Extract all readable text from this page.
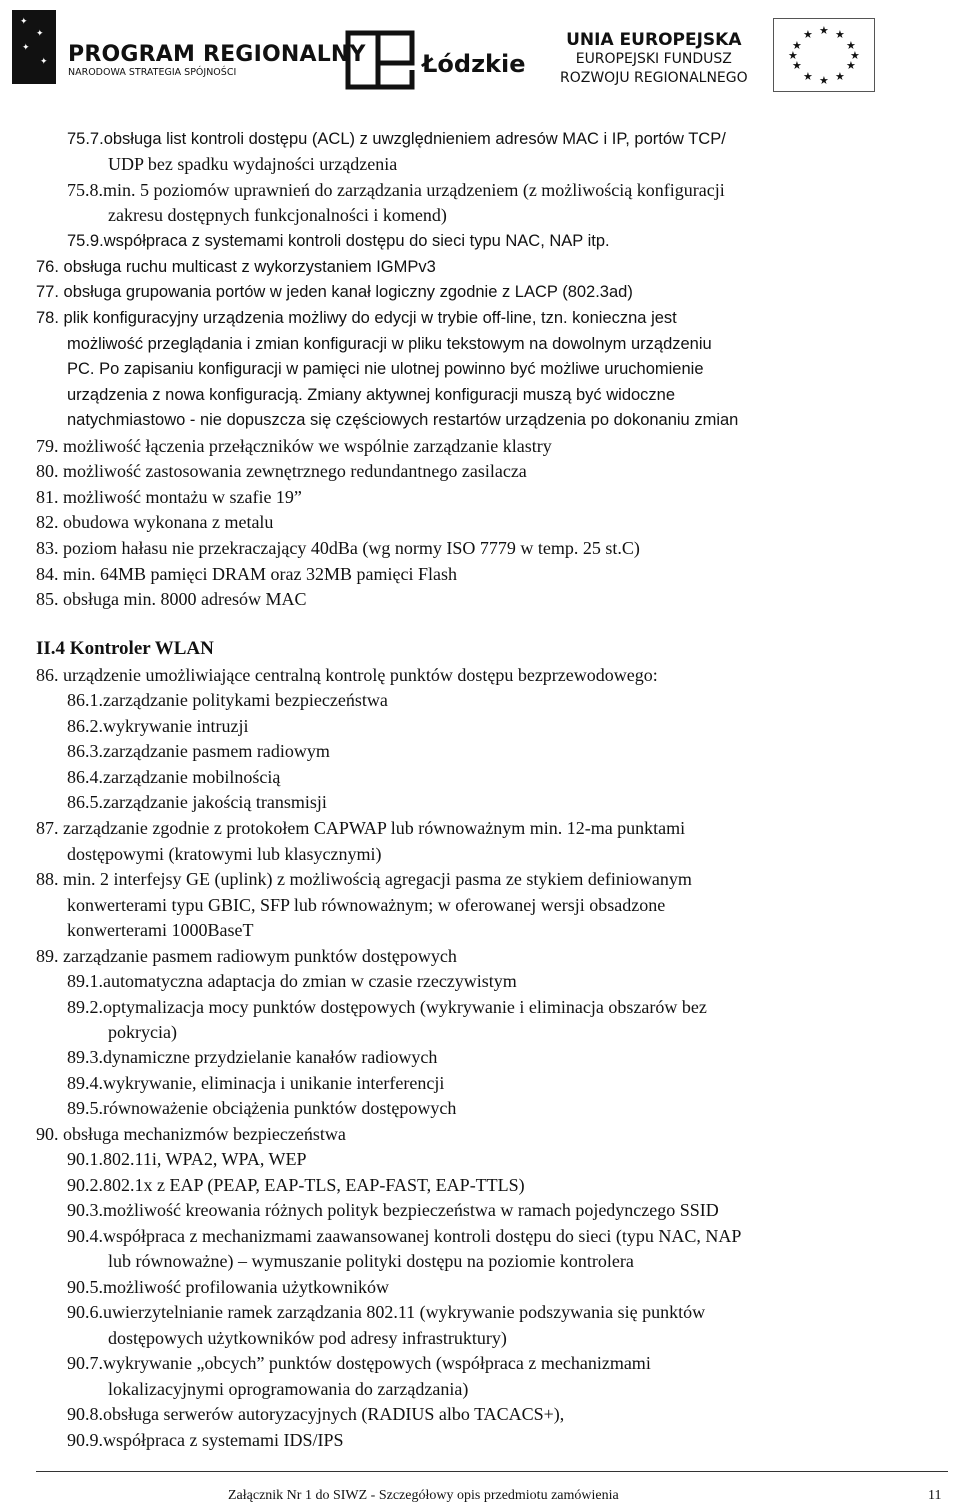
✦
✦
✦
✦ PROGRAM REGIONALNY
NARODOWA STRATEGIA SPÓJNOŚCI	Łódzkie
UNIA EUROPEJSKA
EUROPEJSKI FUNDUSZ
ROZWOJU REGIONALNEGO
★ ★
★
★
★
★
★
★
★
★
★
★
75.7.obsługa list kontroli dostępu (ACL) z uwzględnieniem adresów MAC i IP, portów TCP/
UDP bez spadku wydajności urządzenia
75.8.min. 5 poziomów uprawnień do zarządzania urządzeniem (z możliwością konfiguracji
zakresu dostępnych funkcjonalności i komend)
75.9.współpraca z systemami kontroli dostępu do sieci typu NAC, NAP itp.
76. obsługa ruchu multicast z wykorzystaniem IGMPv3
77. obsługa grupowania portów w jeden kanał logiczny zgodnie z LACP (802.3ad)
78. plik konfiguracyjny urządzenia możliwy do edycji w trybie off-line, tzn. konieczna jest
możliwość przeglądania i zmian konfiguracji w pliku tekstowym na dowolnym urządzeniu
PC. Po zapisaniu konfiguracji w pamięci nie ulotnej powinno być możliwe uruchomienie
urządzenia z nowa konfiguracją. Zmiany aktywnej konfiguracji muszą być widoczne
natychmiastowo - nie dopuszcza się częściowych restartów urządzenia po dokonaniu zmian
79. możliwość łączenia przełączników we wspólnie zarządzanie klastry
80. możliwość zastosowania zewnętrznego redundantnego zasilacza
81. możliwość montażu w szafie 19”
82. obudowa wykonana z metalu
83. poziom hałasu nie przekraczający 40dBa (wg normy ISO 7779 w temp. 25 st.C)
84. min. 64MB pamięci DRAM oraz 32MB pamięci Flash
85. obsługa min. 8000 adresów MAC
II.4 Kontroler WLAN
86. urządzenie umożliwiające centralną kontrolę punktów dostępu bezprzewodowego:
86.1.zarządzanie politykami bezpieczeństwa
86.2.wykrywanie intruzji
86.3.zarządzanie pasmem radiowym
86.4.zarządzanie mobilnością
86.5.zarządzanie jakością transmisji
87. zarządzanie zgodnie z protokołem CAPWAP lub równoważnym min. 12-ma punktami
dostępowymi (kratowymi lub klasycznymi)
88. min. 2 interfejsy GE (uplink) z możliwością agregacji pasma ze stykiem definiowanym
konwerterami typu GBIC, SFP lub równoważnym; w oferowanej wersji obsadzone
konwerterami 1000BaseT
89. zarządzanie pasmem radiowym punktów dostępowych
89.1.automatyczna adaptacja do zmian w czasie rzeczywistym
89.2.optymalizacja mocy punktów dostępowych (wykrywanie i eliminacja obszarów bez
pokrycia)
89.3.dynamiczne przydzielanie kanałów radiowych
89.4.wykrywanie, eliminacja i unikanie interferencji
89.5.równoważenie obciążenia punktów dostępowych
90. obsługa mechanizmów bezpieczeństwa
90.1.802.11i, WPA2, WPA, WEP
90.2.802.1x z EAP (PEAP, EAP-TLS, EAP-FAST, EAP-TTLS)
90.3.możliwość kreowania różnych polityk bezpieczeństwa w ramach pojedynczego SSID
90.4.współpraca z mechanizmami zaawansowanej kontroli dostępu do sieci (typu NAC, NAP
lub równoważne) – wymuszanie polityki dostępu na poziomie kontrolera
90.5.możliwość profilowania użytkowników
90.6.uwierzytelnianie ramek zarządzania 802.11 (wykrywanie podszywania się punktów
dostępowych użytkowników pod adresy infrastruktury)
90.7.wykrywanie „obcych” punktów dostępowych (współpraca z mechanizmami
lokalizacyjnymi oprogramowania do zarządzania)
90.8.obsługa serwerów autoryzacyjnych (RADIUS albo TACACS+),
90.9.współpraca z systemami IDS/IPS
Załącznik Nr 1 do SIWZ - Szczegółowy opis przedmiotu zamówienia	11
